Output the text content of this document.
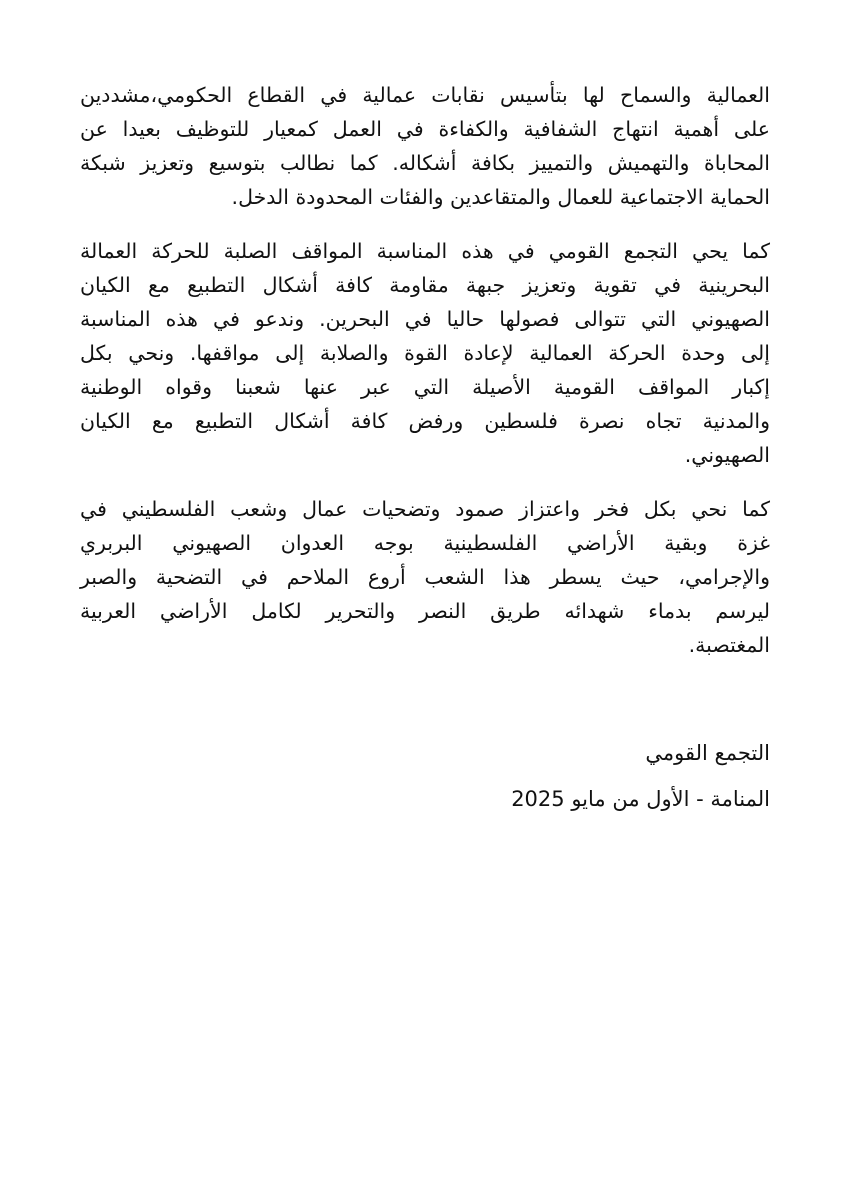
العمالية والسماح لها بتأسيس نقابات عمالية في القطاع الحكومي،مشددين
على أهمية انتهاج الشفافية والكفاءة في العمل كمعيار للتوظيف بعيدا عن
المحاباة والتهميش والتمييز بكافة أشكاله. كما نطالب بتوسيع وتعزيز شبكة
الحماية الاجتماعية للعمال والمتقاعدين والفئات المحدودة الدخل.
كما يحي التجمع القومي في هذه المناسبة المواقف الصلبة للحركة العمالة
البحرينية في تقوية وتعزيز جبهة مقاومة كافة أشكال التطبيع مع الكيان
الصهيوني التي تتوالى فصولها حاليا في البحرين. وندعو في هذه المناسبة
إلى وحدة الحركة العمالية لإعادة القوة والصلابة إلى مواقفها. ونحي بكل
إكبار المواقف القومية الأصيلة التي عبر عنها شعبنا وقواه الوطنية
والمدنية تجاه نصرة فلسطين ورفض كافة أشكال التطبيع مع الكيان
الصهيوني.
كما نحي بكل فخر واعتزاز صمود وتضحيات عمال وشعب الفلسطيني في
غزة وبقية الأراضي الفلسطينية بوجه العدوان الصهيوني البربري
والإجرامي، حيث يسطر هذا الشعب أروع الملاحم في التضحية والصبر
ليرسم بدماء شهدائه طريق النصر والتحرير لكامل الأراضي العربية
المغتصبة.
التجمع القومي
المنامة - الأول من مايو 2025
